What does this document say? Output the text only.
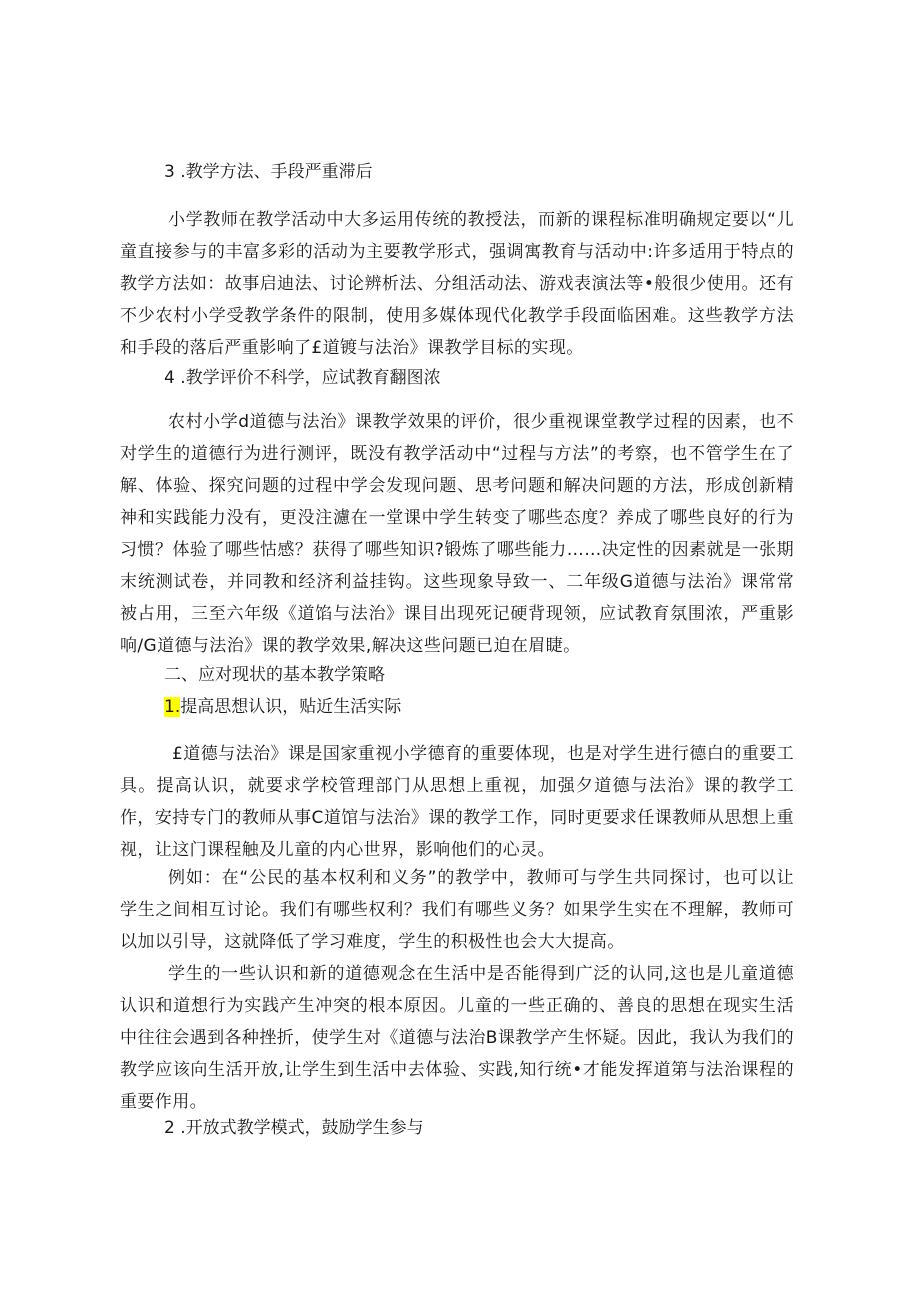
3 .教学方法、手段严重滞后

小学教师在教学活动中大多运用传统的教授法，而新的课程标准明确规定要以“儿童直接参与的丰富多彩的活动为主要教学形式，强调寓教育与活动中:许多适用于特点的教学方法如：故事启迪法、讨论辨析法、分组活动法、游戏表演法等•般很少使用。还有不少农村小学受教学条件的限制，使用多媒体现代化教学手段面临困难。这些教学方法和手段的落后严重影响了£道镀与法治》课教学目标的实现。

4 .教学评价不科学，应试教育翻图浓

农村小学d道德与法治》课教学效果的评价，很少重视课堂教学过程的因素，也不对学生的道德行为进行测评，既没有教学活动中“过程与方法”的考察，也不管学生在了解、体验、探究问题的过程中学会发现问题、思考问题和解决问题的方法，形成创新精神和实践能力没有，更没注濾在一堂课中学生转变了哪些态度？养成了哪些良好的行为习惯？体验了哪些怙感？获得了哪些知识?锻炼了哪些能力……决定性的因素就是一张期末统测试卷，并同教和经济利益挂钩。这些现象导致一、二年级G道德与法治》课常常被占用，三至六年级《道馅与法治》课目出现死记硬背现领，应试教育氛围浓，严重影响/G道德与法治》课的教学效果,解决这些问题已迫在眉睫。

二、应对现状的基本教学策略

1.提高思想认识，贴近生活实际

£道德与法治》课是国家重视小学德育的重要体现，也是对学生进行德白的重要工具。提高认识，就要求学校管理部门从思想上重视，加强夕道德与法治》课的教学工作，安持专门的教师从事C道馆与法治》课的教学工作，同时更要求任课教师从思想上重视，让这门课程触及儿童的内心世界，影响他们的心灵。

例如：在“公民的基本权利和义务”的教学中，教师可与学生共同探讨，也可以让学生之间相互讨论。我们有哪些权利？我们有哪些义务？如果学生实在不理解，教师可以加以引导，这就降低了学习难度，学生的积极性也会大大提高。

学生的一些认识和新的道德观念在生活中是否能得到广泛的认同,这也是儿童道德认识和道想行为实践产生冲突的根本原因。儿童的一些正确的、善良的思想在现实生活中往往会遇到各种挫折，使学生对《道德与法治B课教学产生怀疑。因此，我认为我们的教学应该向生活开放,让学生到生活中去体验、实践,知行统•才能发挥道第与法治课程的重要作用。

2 .开放式教学模式，鼓励学生参与
